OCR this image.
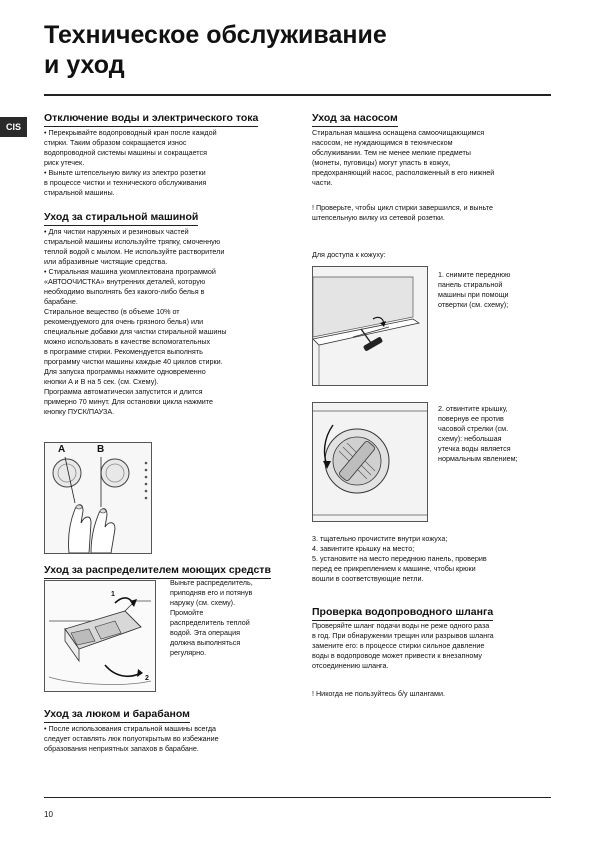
Техническое обслуживание
и уход
CIS
Отключение воды и электрического тока
• Перекрывайте водопроводный кран после каждой
стирки. Таким образом сокращается износ
водопроводной системы машины и сокращается
риск утечек.
• Выньте штепсельную вилку из электро розетки
в процессе чистки и технического обслуживания
стиральной машины.
Уход за стиральной машиной
• Для чистки наружных и резиновых частей
стиральной машины используйте тряпку, смоченную
теплой водой с мылом. Не используйте растворители
или абразивные чистящие средства.
• Стиральная машина укомплектована программой
«АВТООЧИСТКА» внутренних деталей, которую
необходимо выполнять без какого-либо белья в
барабане.
Стиральное вещество (в объеме 10% от
рекомендуемого для очень грязного белья) или
специальные добавки для чистки стиральной машины
можно использовать в качестве вспомогательных
в программе стирки. Рекомендуется выполнять
программу чистки машины каждые 40 циклов стирки.
Для запуска программы нажмите одновременно
кнопки A и B на 5 сек. (см. Схему).
Программа автоматически запустится и длится
примерно 70 минут. Для остановки цикла нажмите
кнопку ПУСК/ПАУЗА.
A	B
Уход за распределителем моющих средств
1
2
Выньте распределитель,
приподняв его и потянув
наружу (см. схему).
Промойте
распределитель теплой
водой. Эта операция
должна выполняться
регулярно.
Уход за люком и барабаном
• После использования стиральной машины всегда
следует оставлять люк полуоткрытым во избежание
образования неприятных запахов в барабане.
Уход за насосом
Стиральная машина оснащена самоочищающимся
насосом, не нуждающимся в техническом
обслуживании. Тем не менее мелкие предметы
(монеты, пуговицы) могут упасть в кожух,
предохраняющий насос, расположенный в его нижней
части.
! Проверьте, чтобы цикл стирки завершился, и выньте
штепсельную вилку из сетевой розетки.
Для доступа к кожуху:
1. снимите переднюю
панель стиральной
машины при помощи
отвертки (см. схему);
2. отвинтите крышку,
повернув ее против
часовой стрелки (см.
схему): небольшая
утечка воды является
нормальным явлением;
3. тщательно прочистите внутри кожуха;
4. завинтите крышку на место;
5. установите на место переднюю панель, проверив
перед ее прикреплением к машине, чтобы крюки
вошли в соответствующие петли.
Проверка водопроводного шланга
Проверяйте шланг подачи воды не реже одного раза
в год. При обнаружении трещин или разрывов шланга
замените его: в процессе стирки сильное давление
воды в водопроводе может привести к внезапному
отсоединению шланга.
! Никогда не пользуйтесь б/у шлангами.
10
